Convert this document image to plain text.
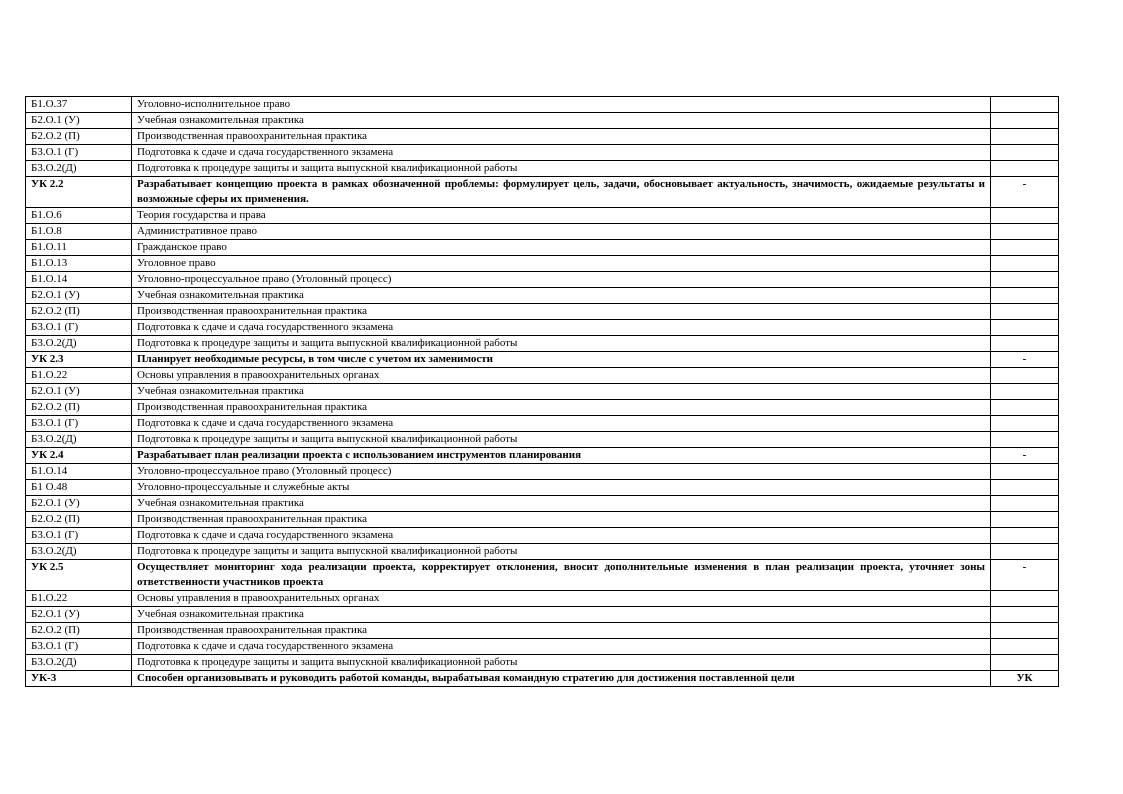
Б1.О.37	Уголовно-исполнительное право	
Б2.О.1 (У)	Учебная ознакомительная практика	
Б2.О.2 (П)	Производственная правоохранительная практика	
Б3.О.1 (Г)	Подготовка к сдаче и сдача государственного экзамена	
Б3.О.2(Д)	Подготовка к процедуре защиты и защита выпускной квалификационной работы	
УК 2.2	Разрабатывает концепцию проекта в рамках обозначенной проблемы: формулирует цель, задачи, обосновывает актуальность, значимость, ожидаемые результаты и возможные сферы их применения.	-
Б1.О.6	Теория государства и права	
Б1.О.8	Административное право	
Б1.О.11	Гражданское право	
Б1.О.13	Уголовное право	
Б1.О.14	Уголовно-процессуальное право (Уголовный процесс)	
Б2.О.1 (У)	Учебная ознакомительная практика	
Б2.О.2 (П)	Производственная правоохранительная практика	
Б3.О.1 (Г)	Подготовка к сдаче и сдача государственного экзамена	
Б3.О.2(Д)	Подготовка к процедуре защиты и защита выпускной квалификационной работы	
УК 2.3	Планирует необходимые ресурсы, в том числе с учетом их заменимости	-
Б1.О.22	Основы управления в правоохранительных органах	
Б2.О.1 (У)	Учебная ознакомительная практика	
Б2.О.2 (П)	Производственная правоохранительная практика	
Б3.О.1 (Г)	Подготовка к сдаче и сдача государственного экзамена	
Б3.О.2(Д)	Подготовка к процедуре защиты и защита выпускной квалификационной работы	
УК 2.4	Разрабатывает план реализации проекта с использованием инструментов планирования	-
Б1.О.14	Уголовно-процессуальное право (Уголовный процесс)	
Б1 О.48	Уголовно-процессуальные и служебные акты	
Б2.О.1 (У)	Учебная ознакомительная практика	
Б2.О.2 (П)	Производственная правоохранительная практика	
Б3.О.1 (Г)	Подготовка к сдаче и сдача государственного экзамена	
Б3.О.2(Д)	Подготовка к процедуре защиты и защита выпускной квалификационной работы	
УК 2.5	Осуществляет мониторинг хода реализации проекта, корректирует отклонения, вносит дополнительные изменения в план реализации проекта, уточняет зоны ответственности участников проекта	-
Б1.О.22	Основы управления в правоохранительных органах	
Б2.О.1 (У)	Учебная ознакомительная практика	
Б2.О.2 (П)	Производственная правоохранительная практика	
Б3.О.1 (Г)	Подготовка к сдаче и сдача государственного экзамена	
Б3.О.2(Д)	Подготовка к процедуре защиты и защита выпускной квалификационной работы	
УК-3	Способен организовывать и руководить работой команды, вырабатывая командную стратегию для достижения поставленной цели	УК
